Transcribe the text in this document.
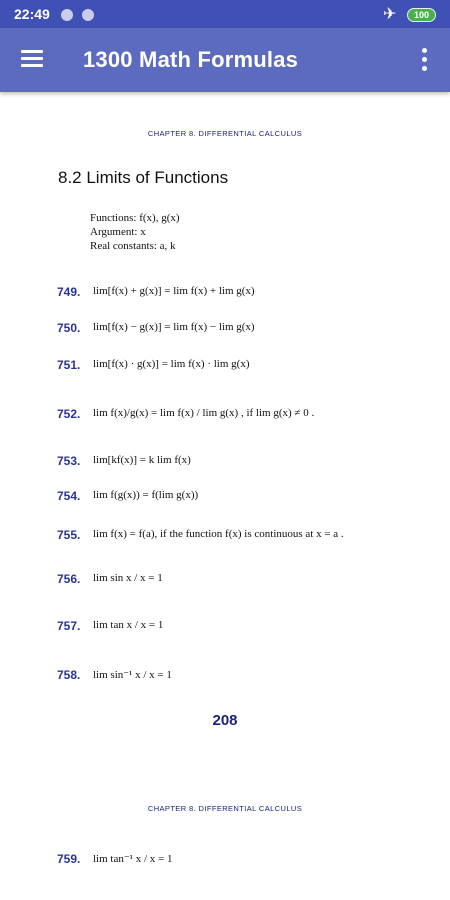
22:49	✈	100
1300 Math Formulas
CHAPTER 8. DIFFERENTIAL CALCULUS
8.2 Limits of Functions
Functions: f(x), g(x)
Argument: x
Real constants: a, k
749. lim[f(x) + g(x)] = lim f(x) + lim g(x)
750. lim[f(x) − g(x)] = lim f(x) − lim g(x)
751. lim[f(x) · g(x)] = lim f(x) · lim g(x)
752. lim f(x)/g(x) = lim f(x) / lim g(x) , if lim g(x) ≠ 0 .
753. lim[kf(x)] = k lim f(x)
754. lim f(g(x)) = f(lim g(x))
755. lim f(x) = f(a), if the function f(x) is continuous at x = a .
756. lim sin x / x = 1
757. lim tan x / x = 1
758. lim sin⁻¹ x / x = 1
208
CHAPTER 8. DIFFERENTIAL CALCULUS
759. lim tan⁻¹ x / x = 1
